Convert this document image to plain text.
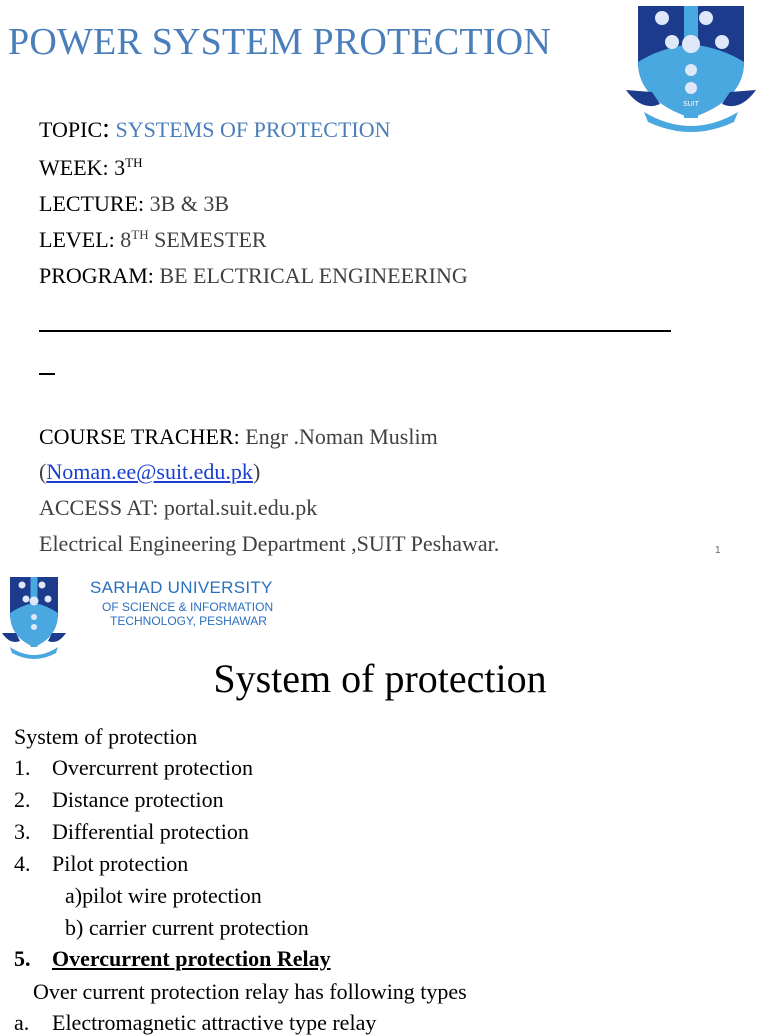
POWER SYSTEM PROTECTION
SUIT
TOPIC: SYSTEMS OF PROTECTION
WEEK: 3TH
LECTURE: 3B & 3B
LEVEL: 8TH SEMESTER
PROGRAM: BE ELCTRICAL ENGINEERING
COURSE TRACHER: Engr .Noman Muslim
(Noman.ee@suit.edu.pk)
ACCESS AT: portal.suit.edu.pk
Electrical Engineering Department ,SUIT Peshawar.	1
SARHAD UNIVERSITY
OF SCIENCE & INFORMATION
TECHNOLOGY, PESHAWAR
System of protection
System of protection
1. Overcurrent protection
2. Distance protection
3. Differential protection
4. Pilot protection
a)pilot wire protection
b) carrier current protection
5. Overcurrent protection Relay
Over current protection relay has following types
a. Electromagnetic attractive type relay
